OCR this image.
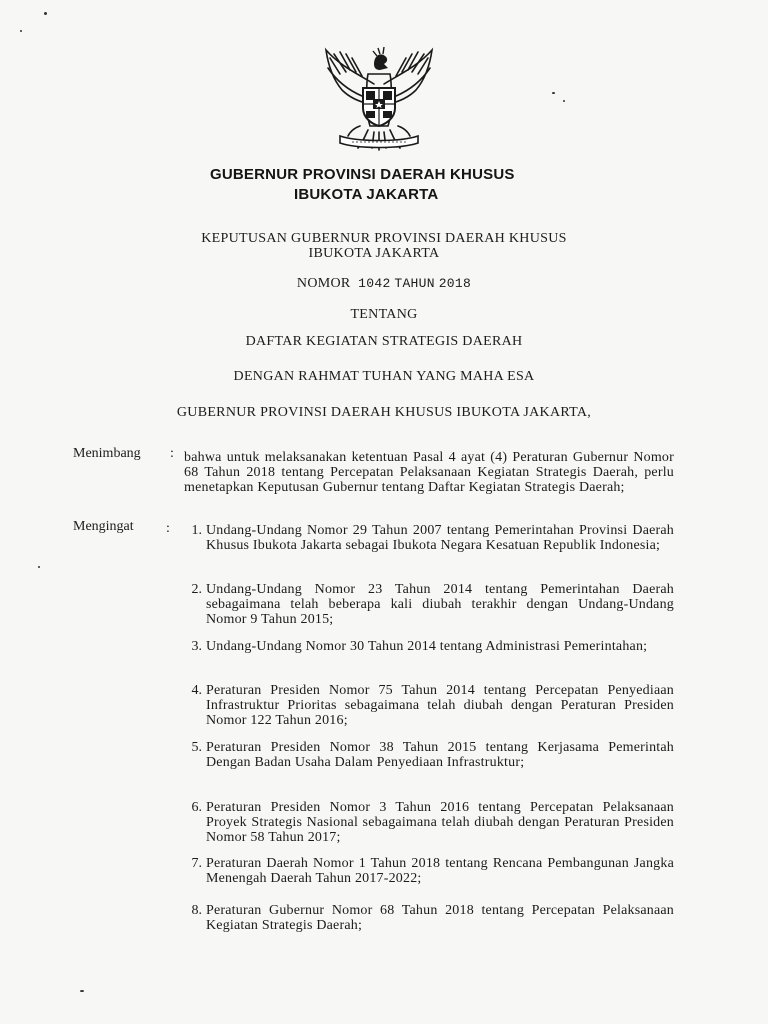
GUBERNUR PROVINSI DAERAH KHUSUS
IBUKOTA JAKARTA
KEPUTUSAN GUBERNUR PROVINSI DAERAH KHUSUS
IBUKOTA JAKARTA
NOMOR 1042 TAHUN 2018
TENTANG
DAFTAR KEGIATAN STRATEGIS DAERAH
DENGAN RAHMAT TUHAN YANG MAHA ESA
GUBERNUR PROVINSI DAERAH KHUSUS IBUKOTA JAKARTA,
Menimbang : bahwa untuk melaksanakan ketentuan Pasal 4 ayat (4) Peraturan Gubernur Nomor 68 Tahun 2018 tentang Percepatan Pelaksanaan Kegiatan Strategis Daerah, perlu menetapkan Keputusan Gubernur tentang Daftar Kegiatan Strategis Daerah;
Mengingat :	1. Undang-Undang Nomor 29 Tahun 2007 tentang Pemerintahan Provinsi Daerah Khusus Ibukota Jakarta sebagai Ibukota Negara Kesatuan Republik Indonesia;
2. Undang-Undang Nomor 23 Tahun 2014 tentang Pemerintahan Daerah sebagaimana telah beberapa kali diubah terakhir dengan Undang-Undang Nomor 9 Tahun 2015;
3. Undang-Undang Nomor 30 Tahun 2014 tentang Administrasi Pemerintahan;
4. Peraturan Presiden Nomor 75 Tahun 2014 tentang Percepatan Penyediaan Infrastruktur Prioritas sebagaimana telah diubah dengan Peraturan Presiden Nomor 122 Tahun 2016;
5. Peraturan Presiden Nomor 38 Tahun 2015 tentang Kerjasama Pemerintah Dengan Badan Usaha Dalam Penyediaan Infrastruktur;
6. Peraturan Presiden Nomor 3 Tahun 2016 tentang Percepatan Pelaksanaan Proyek Strategis Nasional sebagaimana telah diubah dengan Peraturan Presiden Nomor 58 Tahun 2017;
7. Peraturan Daerah Nomor 1 Tahun 2018 tentang Rencana Pembangunan Jangka Menengah Daerah Tahun 2017-2022;
8. Peraturan Gubernur Nomor 68 Tahun 2018 tentang Percepatan Pelaksanaan Kegiatan Strategis Daerah;
